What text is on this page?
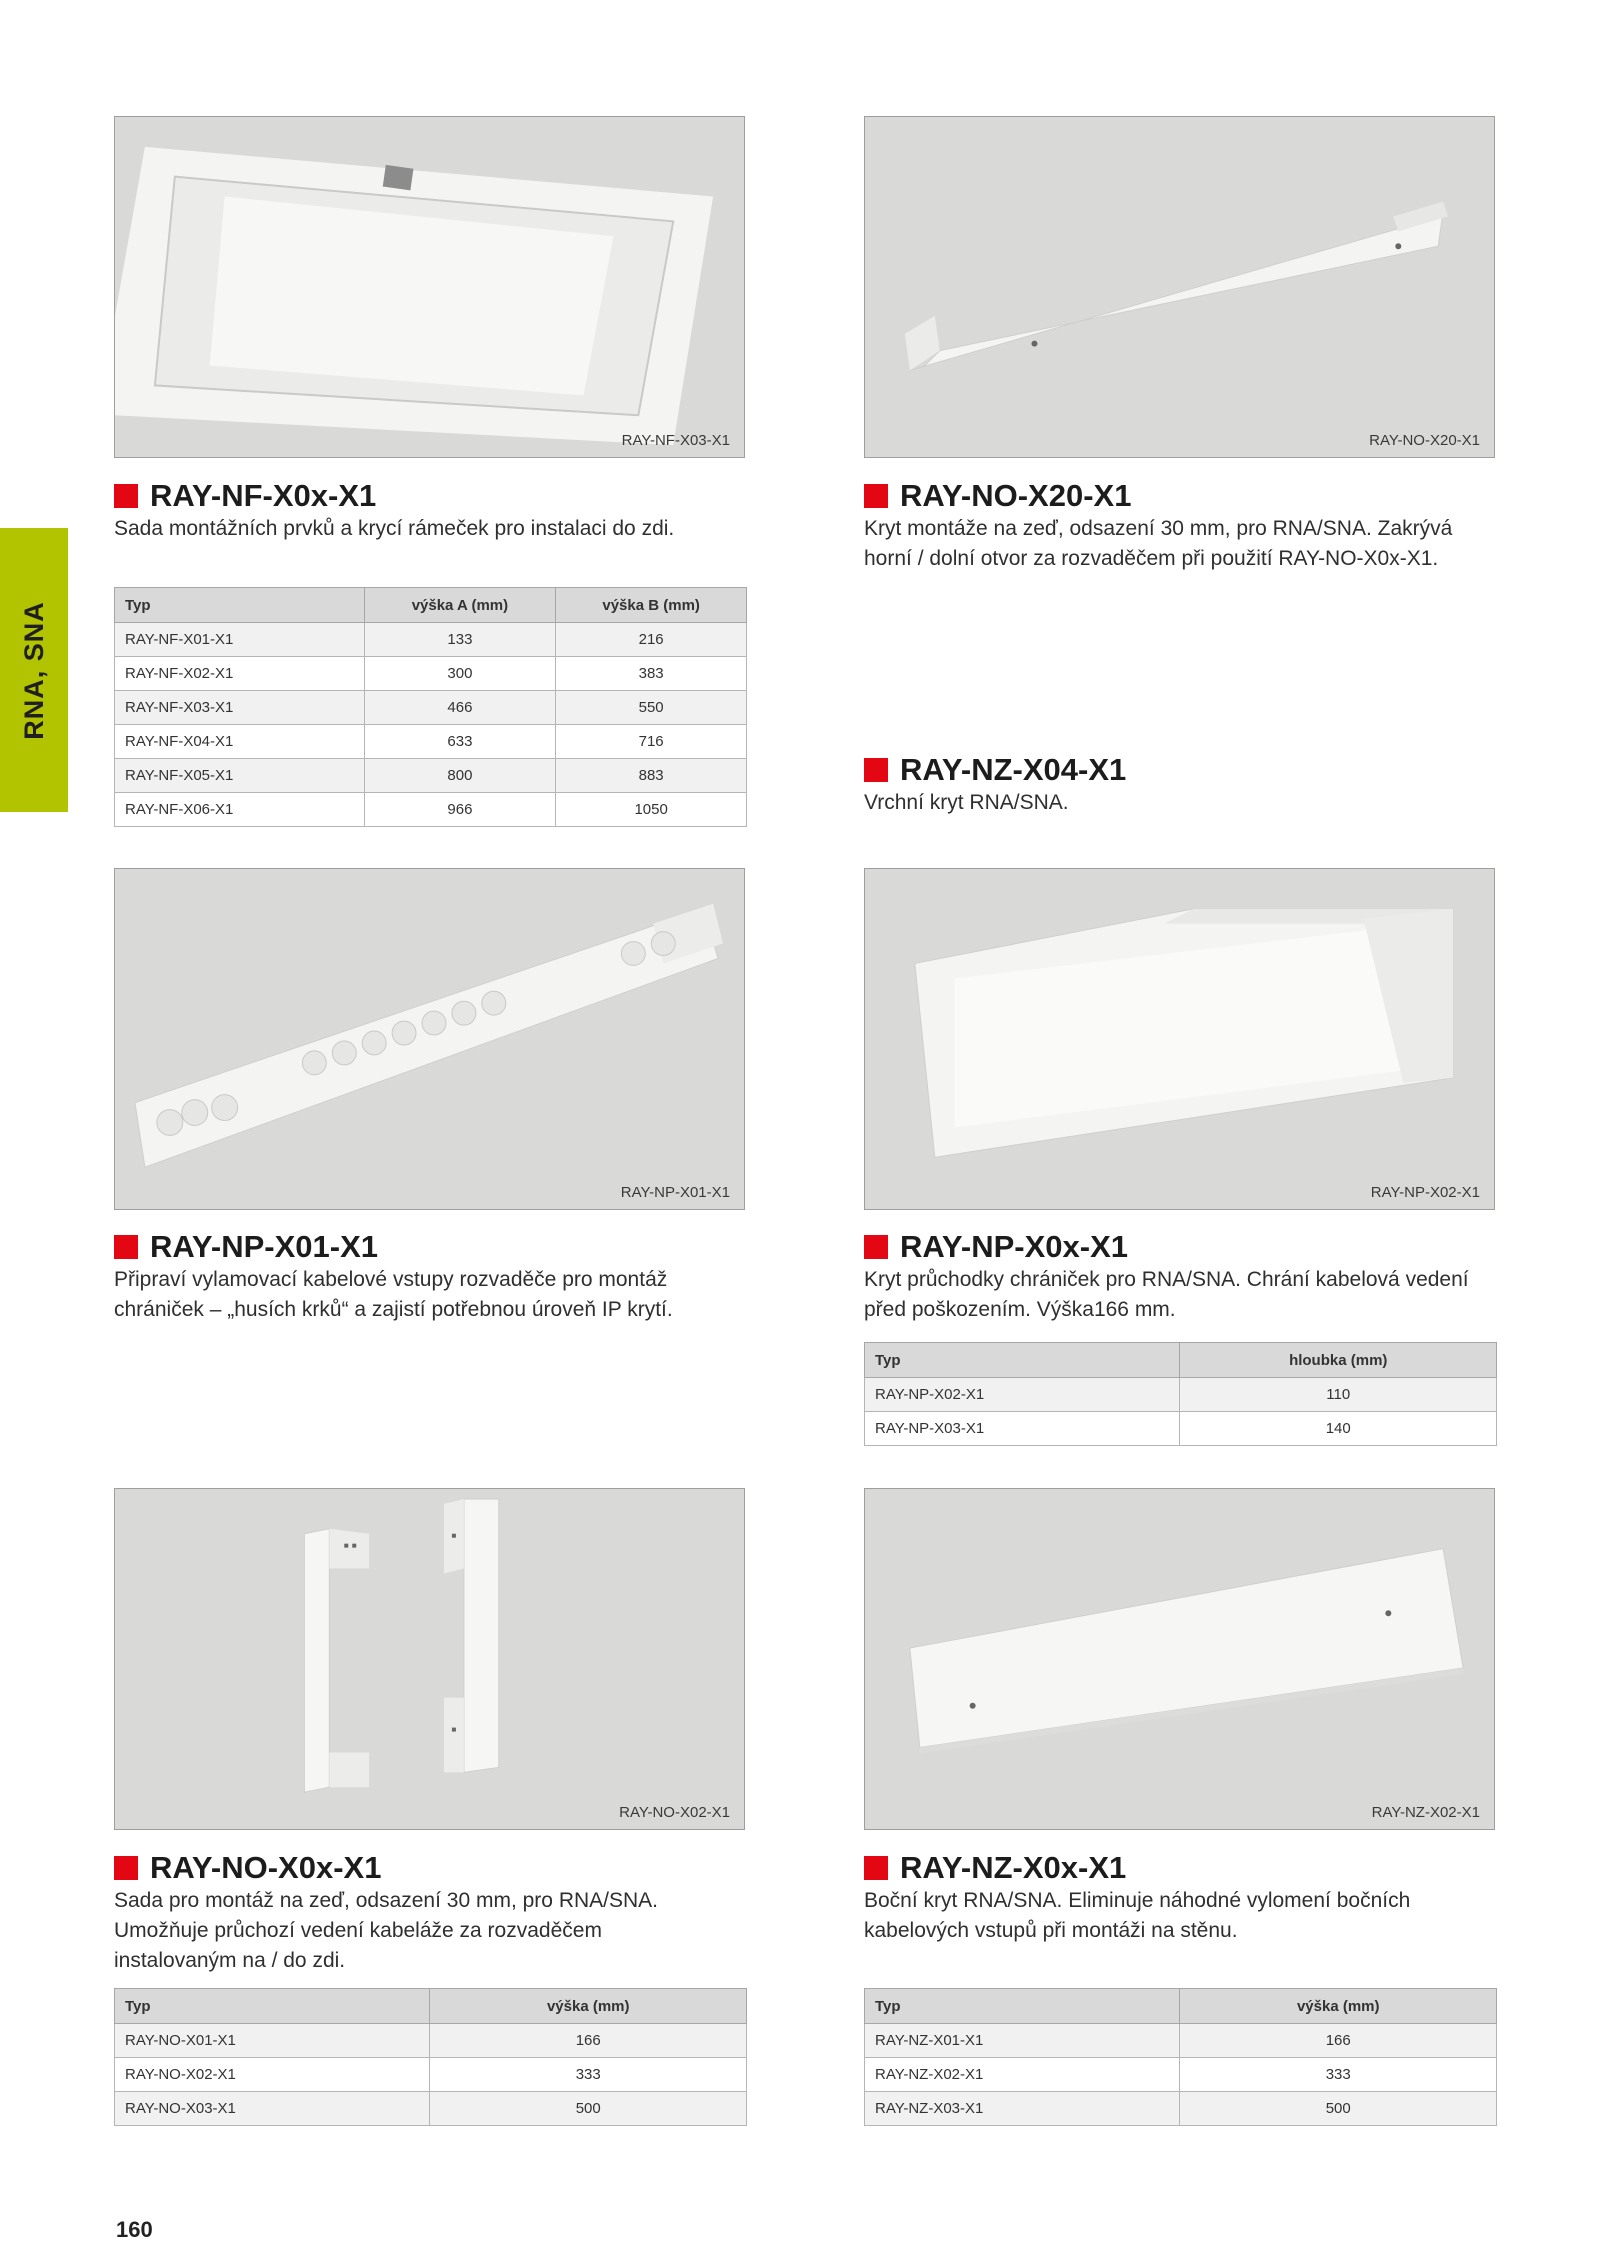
RNA, SNA
RAY-NF-X03-X1
RAY-NF-X0x-X1
Sada montážních prvků a krycí rámeček pro instalaci do zdi.
Typ	výška A (mm)	výška B (mm)
RAY-NF-X01-X1	133	216
RAY-NF-X02-X1	300	383
RAY-NF-X03-X1	466	550
RAY-NF-X04-X1	633	716
RAY-NF-X05-X1	800	883
RAY-NF-X06-X1	966	1050
RAY-NO-X20-X1
RAY-NO-X20-X1
Kryt montáže na zeď, odsazení 30 mm, pro RNA/SNA. Zakrývá horní / dolní otvor za rozvaděčem při použití RAY-NO-X0x-X1.
RAY-NZ-X04-X1
Vrchní kryt RNA/SNA.
RAY-NP-X01-X1
RAY-NP-X01-X1
Připraví vylamovací kabelové vstupy rozvaděče pro montáž chrániček – „husích krků“ a zajistí potřebnou úroveň IP krytí.
RAY-NP-X02-X1
RAY-NP-X0x-X1
Kryt průchodky chrániček pro RNA/SNA. Chrání kabelová vedení před poškozením. Výška166 mm.
Typ	hloubka (mm)
RAY-NP-X02-X1	110
RAY-NP-X03-X1	140
RAY-NO-X02-X1
RAY-NO-X0x-X1
Sada pro montáž na zeď, odsazení 30 mm, pro RNA/SNA. Umožňuje průchozí vedení kabeláže za rozvaděčem instalovaným na / do zdi.
Typ	výška (mm)
RAY-NO-X01-X1	166
RAY-NO-X02-X1	333
RAY-NO-X03-X1	500
RAY-NZ-X02-X1
RAY-NZ-X0x-X1
Boční kryt RNA/SNA. Eliminuje náhodné vylomení bočních kabelových vstupů při montáži na stěnu.
Typ	výška (mm)
RAY-NZ-X01-X1	166
RAY-NZ-X02-X1	333
RAY-NZ-X03-X1	500
160
